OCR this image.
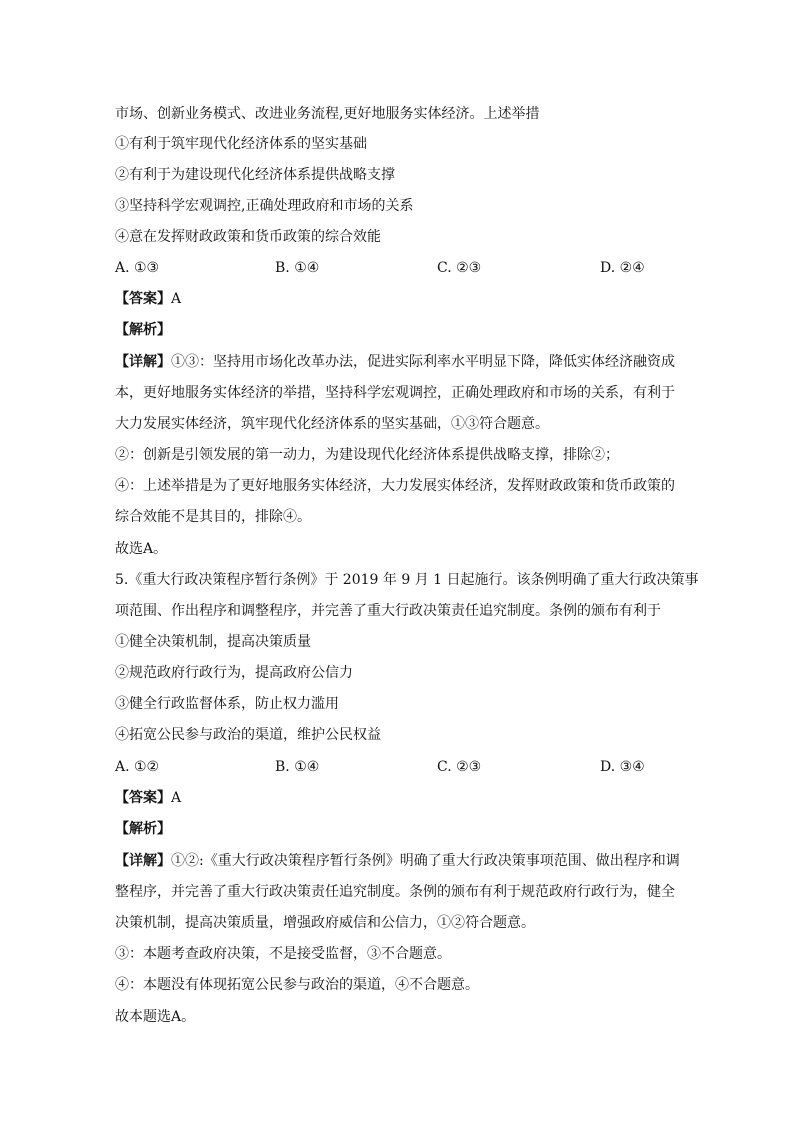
市场、创新业务模式、改进业务流程,更好地服务实体经济。上述举措
①有利于筑牢现代化经济体系的坚实基础
②有利于为建设现代化经济体系提供战略支撑
③坚持科学宏观调控,正确处理政府和市场的关系
④意在发挥财政政策和货币政策的综合效能
A. ①③	B. ①④	C. ②③	D. ②④
【答案】A
【解析】
【详解】①③：坚持用市场化改革办法，促进实际利率水平明显下降，降低实体经济融资成
本，更好地服务实体经济的举措，坚持科学宏观调控，正确处理政府和市场的关系，有利于
大力发展实体经济，筑牢现代化经济体系的坚实基础，①③符合题意。
②：创新是引领发展的第一动力，为建设现代化经济体系提供战略支撑，排除②；
④：上述举措是为了更好地服务实体经济，大力发展实体经济，发挥财政政策和货币政策的
综合效能不是其目的，排除④。
故选A。
5.《重大行政决策程序暂行条例》于 2019 年 9 月 1 日起施行。该条例明确了重大行政决策事
项范围、作出程序和调整程序，并完善了重大行政决策责任追究制度。条例的颁布有利于
①健全决策机制，提高决策质量
②规范政府行政行为，提高政府公信力
③健全行政监督体系，防止权力滥用
④拓宽公民参与政治的渠道，维护公民权益
A. ①②	B. ①④	C. ②③	D. ③④
【答案】A
【解析】
【详解】①②:《重大行政决策程序暂行条例》明确了重大行政决策事项范围、做出程序和调
整程序，并完善了重大行政决策责任追究制度。条例的颁布有利于规范政府行政行为，健全
决策机制，提高决策质量，增强政府威信和公信力，①②符合题意。
③：本题考查政府决策，不是接受监督，③不合题意。
④：本题没有体现拓宽公民参与政治的渠道，④不合题意。
故本题选A。
